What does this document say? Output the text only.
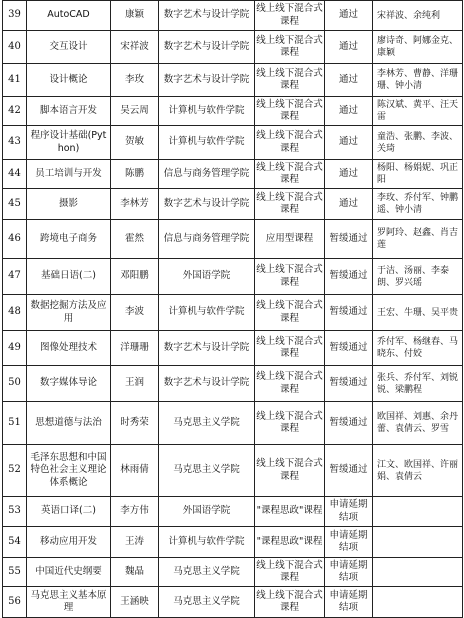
39	AutoCAD	康颖	数字艺术与设计学院	线上线下混合式课程	通过	宋祥波、余纯利
40	交互设计	宋祥波	数字艺术与设计学院	线上线下混合式课程	通过	廖诗奇、阿娜金克、康颖
41	设计概论	李玫	数字艺术与设计学院	线上线下混合式课程	通过	李林芳、曹静、洋珊珊、钟小清
42	脚本语言开发	吴云周	计算机与软件学院	线上线下混合式课程	通过	陈汉斌、黄平、汪天雷
43	程序设计基础(Python)	贺敏	计算机与软件学院	线上线下混合式课程	通过	童浩、张鹏、李波、关琦
44	员工培训与开发	陈鹏	信息与商务管理学院	线上线下混合式课程	通过	杨阳、杨娟妮、巩正阳
45	摄影	李林芳	数字艺术与设计学院	线上线下混合式课程	通过	李玫、乔付军、钟鹏遥、钟小清
46	跨境电子商务	霍然	信息与商务管理学院	应用型课程	暂缓通过	罗阿玲、赵鑫、肖吉莲
47	基础日语(二)	邓阳鹏	外国语学院	线上线下混合式课程	暂缓通过	于洁、汤丽、李泰朗、罗兴瑶
48	数据挖掘方法及应用	李波	计算机与软件学院	线上线下混合式课程	暂缓通过	王宏、牛珊、吴平贵
49	图像处理技术	洋珊珊	数字艺术与设计学院	线上线下混合式课程	暂缓通过	乔付军、杨继春、马晓东、付姣
50	数字媒体导论	王润	数字艺术与设计学院	线上线下混合式课程	暂缓通过	张兵、乔付军、刘锐锐、梁鹏程
51	思想道德与法治	时秀荣	马克思主义学院	线上线下混合式课程	暂缓通过	欧国祥、刘惠、余丹蕾、袁倩云、罗雪
52	毛泽东思想和中国特色社会主义理论体系概论	林雨倩	马克思主义学院	线上线下混合式课程	暂缓通过	江文、欧国祥、许丽娟、袁倩云
53	英语口译(二)	李方伟	外国语学院	"课程思政"课程	申请延期结项	
54	移动应用开发	王涛	计算机与软件学院	"课程思政"课程	申请延期结项	
55	中国近代史纲要	魏晶	马克思主义学院	线上线下混合式课程	申请延期结项	
56	马克思主义基本原理	王涵映	马克思主义学院	线上线下混合式课程	申请延期结项	
